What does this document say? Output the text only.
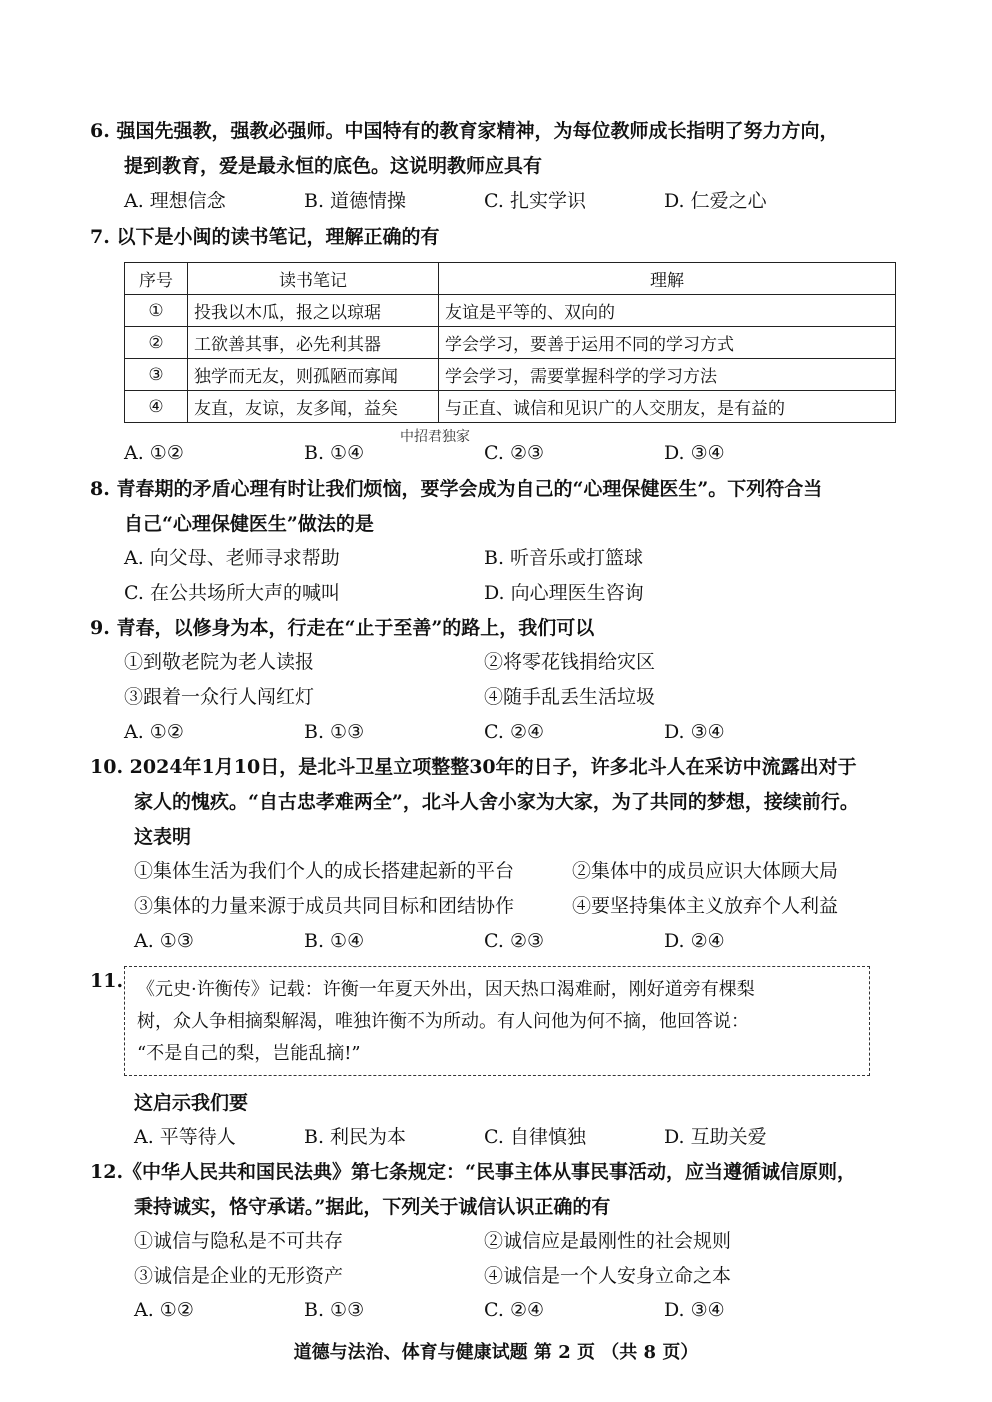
6. 强国先强教，强教必强师。中国特有的教育家精神，为每位教师成长指明了努力方向，
提到教育，爱是最永恒的底色。这说明教师应具有
A. 理想信念	B. 道德情操	C. 扎实学识	D. 仁爱之心
7. 以下是小闽的读书笔记，理解正确的有
序号	读书笔记	理解
①	投我以木瓜，报之以琼琚	友谊是平等的、双向的
②	工欲善其事，必先利其器	学会学习，要善于运用不同的学习方式
③	独学而无友，则孤陋而寡闻	学会学习，需要掌握科学的学习方法
④	友直，友谅，友多闻，益矣	与正直、诚信和见识广的人交朋友，是有益的
中招君独家
A. ①②	B. ①④	C. ②③	D. ③④
8. 青春期的矛盾心理有时让我们烦恼，要学会成为自己的“心理保健医生”。下列符合当
自己“心理保健医生”做法的是
A. 向父母、老师寻求帮助	B. 听音乐或打篮球
C. 在公共场所大声的喊叫	D. 向心理医生咨询
9. 青春，以修身为本，行走在“止于至善”的路上，我们可以
①到敬老院为老人读报	②将零花钱捐给灾区
③跟着一众行人闯红灯	④随手乱丢生活垃圾
A. ①②	B. ①③	C. ②④	D. ③④
10. 2024年1月10日，是北斗卫星立项整整30年的日子，许多北斗人在采访中流露出对于
家人的愧疚。“自古忠孝难两全”，北斗人舍小家为大家，为了共同的梦想，接续前行。
这表明
①集体生活为我们个人的成长搭建起新的平台	②集体中的成员应识大体顾大局
③集体的力量来源于成员共同目标和团结协作	④要坚持集体主义放弃个人利益
A. ①③	B. ①④	C. ②③	D. ②④
11. 《元史·许衡传》记载：许衡一年夏天外出，因天热口渴难耐，刚好道旁有棵梨
树，众人争相摘梨解渴，唯独许衡不为所动。有人问他为何不摘，他回答说：
“不是自己的梨，岂能乱摘!”
这启示我们要
A. 平等待人	B. 利民为本	C. 自律慎独	D. 互助关爱
12.《中华人民共和国民法典》第七条规定：“民事主体从事民事活动，应当遵循诚信原则，
秉持诚实，恪守承诺。”据此，下列关于诚信认识正确的有
①诚信与隐私是不可共存	②诚信应是最刚性的社会规则
③诚信是企业的无形资产	④诚信是一个人安身立命之本
A. ①②	B. ①③	C. ②④	D. ③④
道德与法治、体育与健康试题 第 2 页 （共 8 页）
